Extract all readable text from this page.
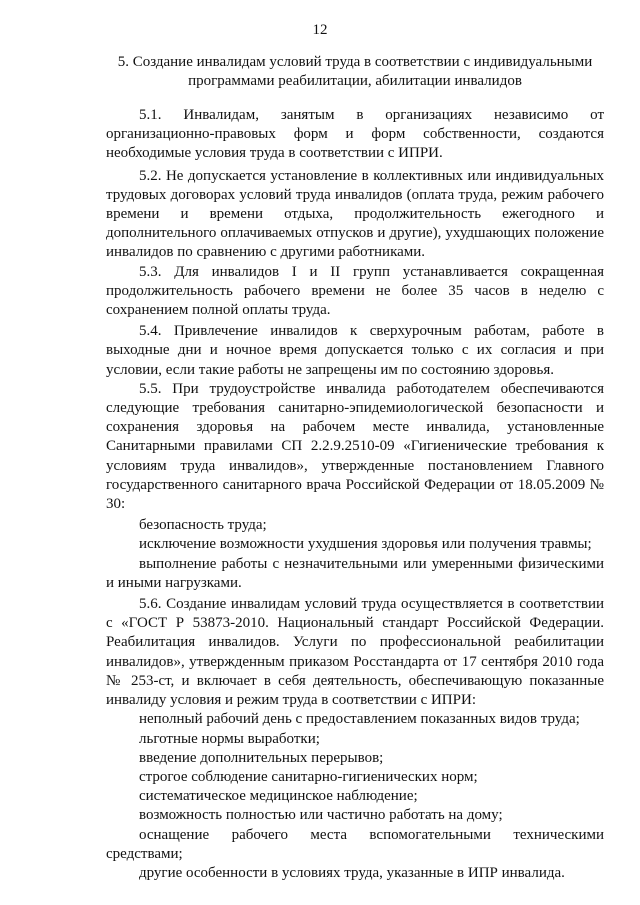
12
5. Создание инвалидам условий труда в соответствии с индивидуальными программами реабилитации, абилитации инвалидов

5.1. Инвалидам, занятым в организациях независимо от организационно-правовых форм и форм собственности, создаются необходимые условия труда в соответствии с ИПРИ.

5.2. Не допускается установление в коллективных или индивидуальных трудовых договорах условий труда инвалидов (оплата труда, режим рабочего времени и времени отдыха, продолжительность ежегодного и дополнительного оплачиваемых отпусков и другие), ухудшающих положение инвалидов по сравнению с другими работниками.

5.3. Для инвалидов I и II групп устанавливается сокращенная продолжительность рабочего времени не более 35 часов в неделю с сохранением полной оплаты труда.

5.4. Привлечение инвалидов к сверхурочным работам, работе в выходные дни и ночное время допускается только с их согласия и при условии, если такие работы не запрещены им по состоянию здоровья.

5.5. При трудоустройстве инвалида работодателем обеспечиваются следующие требования санитарно-эпидемиологической безопасности и сохранения здоровья на рабочем месте инвалида, установленные Санитарными правилами СП 2.2.9.2510-09 «Гигиенические требования к условиям труда инвалидов», утвержденные постановлением Главного государственного санитарного врача Российской Федерации от 18.05.2009 № 30:

безопасность труда;

исключение возможности ухудшения здоровья или получения травмы;

выполнение работы с незначительными или умеренными физическими и иными нагрузками.

5.6. Создание инвалидам условий труда осуществляется в соответствии с «ГОСТ Р 53873-2010. Национальный стандарт Российской Федерации. Реабилитация инвалидов. Услуги по профессиональной реабилитации инвалидов», утвержденным приказом Росстандарта от 17 сентября 2010 года № 253-ст, и включает в себя деятельность, обеспечивающую показанные инвалиду условия и режим труда в соответствии с ИПРИ:

неполный рабочий день с предоставлением показанных видов труда;

льготные нормы выработки;

введение дополнительных перерывов;

строгое соблюдение санитарно-гигиенических норм;

систематическое медицинское наблюдение;

возможность полностью или частично работать на дому;

оснащение рабочего места вспомогательными техническими средствами;

другие особенности в условиях труда, указанные в ИПР инвалида.
